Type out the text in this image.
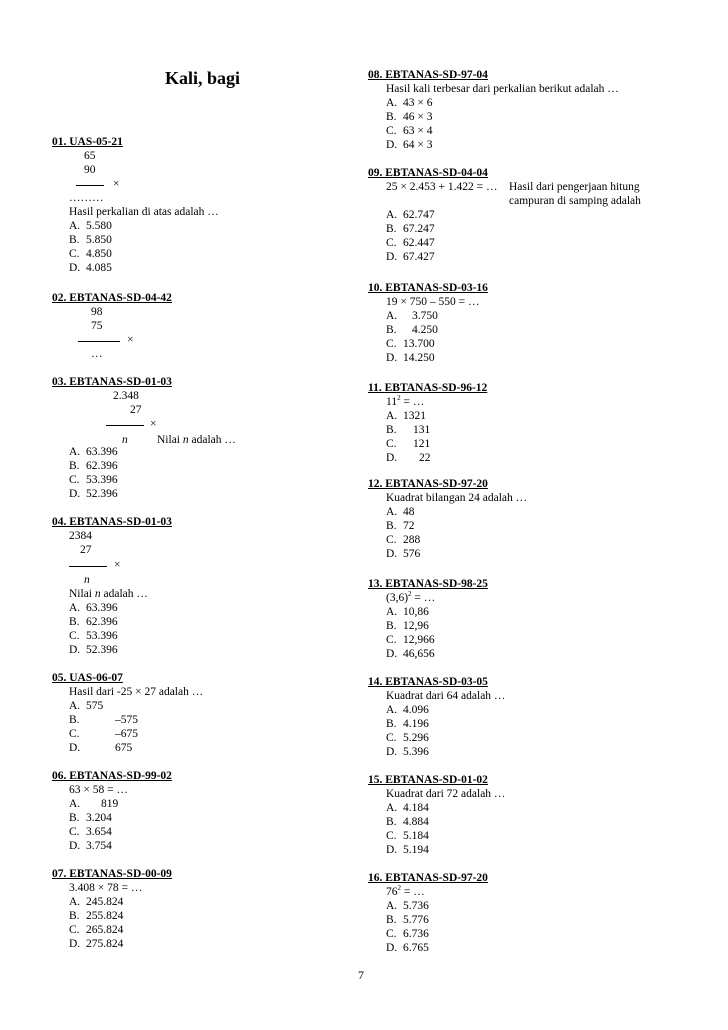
Kali, bagi
01. UAS-05-21
65
90
×
………
Hasil perkalian di atas adalah …
A. 5.580
B. 5.850
C. 4.850
D. 4.085
02. EBTANAS-SD-04-42
98
75
×
…
03. EBTANAS-SD-01-03
2.348
27
×
n	Nilai n adalah …
A. 63.396
B. 62.396
C. 53.396
D. 52.396
04. EBTANAS-SD-01-03
2384
27
×
n
Nilai n adalah …
A. 63.396
B. 62.396
C. 53.396
D. 52.396
05. UAS-06-07
Hasil dari -25 × 27 adalah …
A. 575
B.	–575
C.	–675
D.	675
06. EBTANAS-SD-99-02
63 × 58 = …
A. 819
B. 3.204
C. 3.654
D. 3.754
07. EBTANAS-SD-00-09
3.408 × 78 = …
A. 245.824
B. 255.824
C. 265.824
D. 275.824
08. EBTANAS-SD-97-04
Hasil kali terbesar dari perkalian berikut adalah …
A. 43 × 6
B. 46 × 3
C. 63 × 4
D. 64 × 3
09. EBTANAS-SD-04-04
25 × 2.453 + 1.422 = … Hasil dari pengerjaan hitung
campuran di samping adalah
A. 62.747
B. 67.247
C. 62.447
D. 67.427
10. EBTANAS-SD-03-16
19 × 750 – 550 = …
A. 3.750
B. 4.250
C. 13.700
D. 14.250
11. EBTANAS-SD-96-12
$11^2$ = …
A. 1321
B. 131
C. 121
D. 22
12. EBTANAS-SD-97-20
Kuadrat bilangan 24 adalah …
A. 48
B. 72
C. 288
D. 576
13. EBTANAS-SD-98-25
$(3,6)^2$ = …
A. 10,86
B. 12,96
C. 12,966
D. 46,656
14. EBTANAS-SD-03-05
Kuadrat dari 64 adalah …
A. 4.096
B. 4.196
C. 5.296
D. 5.396
15. EBTANAS-SD-01-02
Kuadrat dari 72 adalah …
A. 4.184
B. 4.884
C. 5.184
D. 5.194
16. EBTANAS-SD-97-20
$76^2$ = …
A. 5.736
B. 5.776
C. 6.736
D. 6.765
7
